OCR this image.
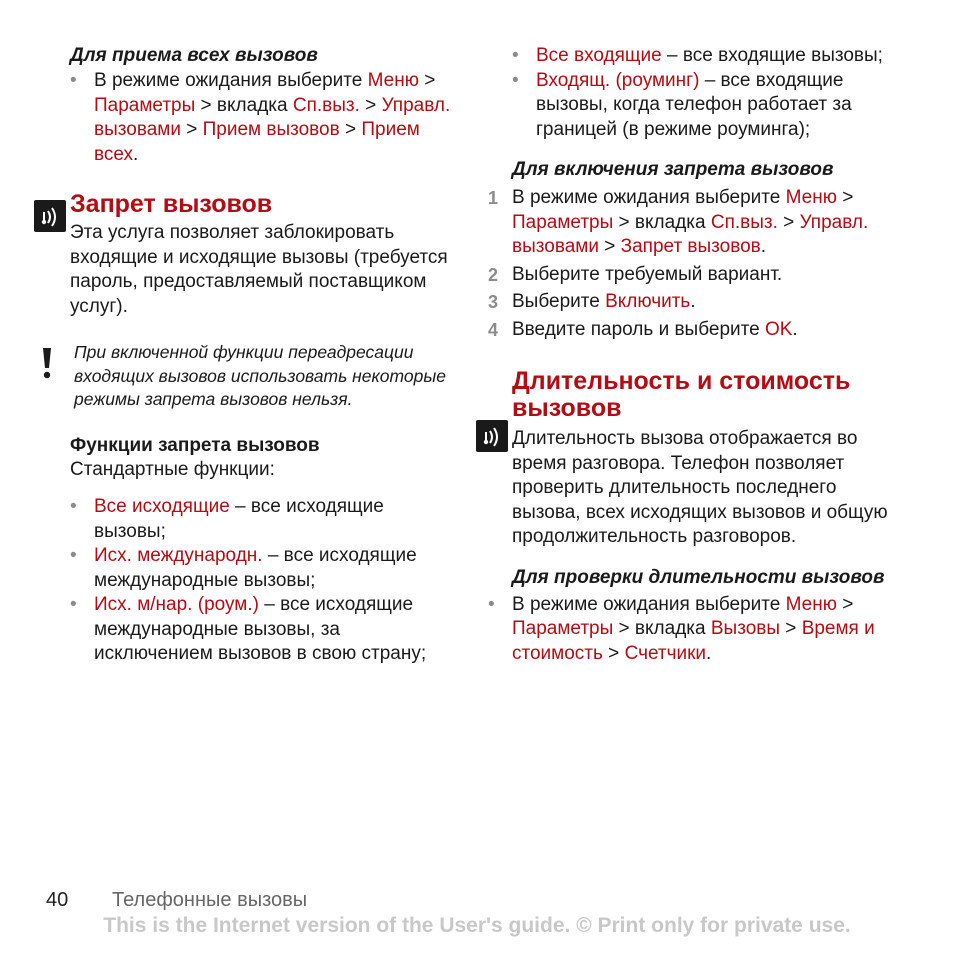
Для приема всех вызовов

• В режиме ожидания выберите Меню > Параметры > вкладка Сп.выз. > Управл. вызовами > Прием вызовов > Прием всех.

Запрет вызовов

Эта услуга позволяет заблокировать входящие и исходящие вызовы (требуется пароль, предоставляемый поставщиком услуг).

При включенной функции переадресации входящих вызовов использовать некоторые режимы запрета вызовов нельзя.

Функции запрета вызовов

Стандартные функции:

• Все исходящие – все исходящие вызовы;

• Исх. международн. – все исходящие международные вызовы;

• Исх. м/нар. (роум.) – все исходящие международные вызовы, за исключением вызовов в свою страну;

• Все входящие – все входящие вызовы;

• Входящ. (роуминг) – все входящие вызовы, когда телефон работает за границей (в режиме роуминга);

Для включения запрета вызовов

1 В режиме ожидания выберите Меню > Параметры > вкладка Сп.выз. > Управл. вызовами > Запрет вызовов.

2 Выберите требуемый вариант.

3 Выберите Включить.

4 Введите пароль и выберите OK.

Длительность и стоимость вызовов

Длительность вызова отображается во время разговора. Телефон позволяет проверить длительность последнего вызова, всех исходящих вызовов и общую продолжительность разговоров.

Для проверки длительности вызовов

• В режиме ожидания выберите Меню > Параметры > вкладка Вызовы > Время и стоимость > Счетчики.

40 Телефонные вызовы
This is the Internet version of the User's guide. © Print only for private use.
